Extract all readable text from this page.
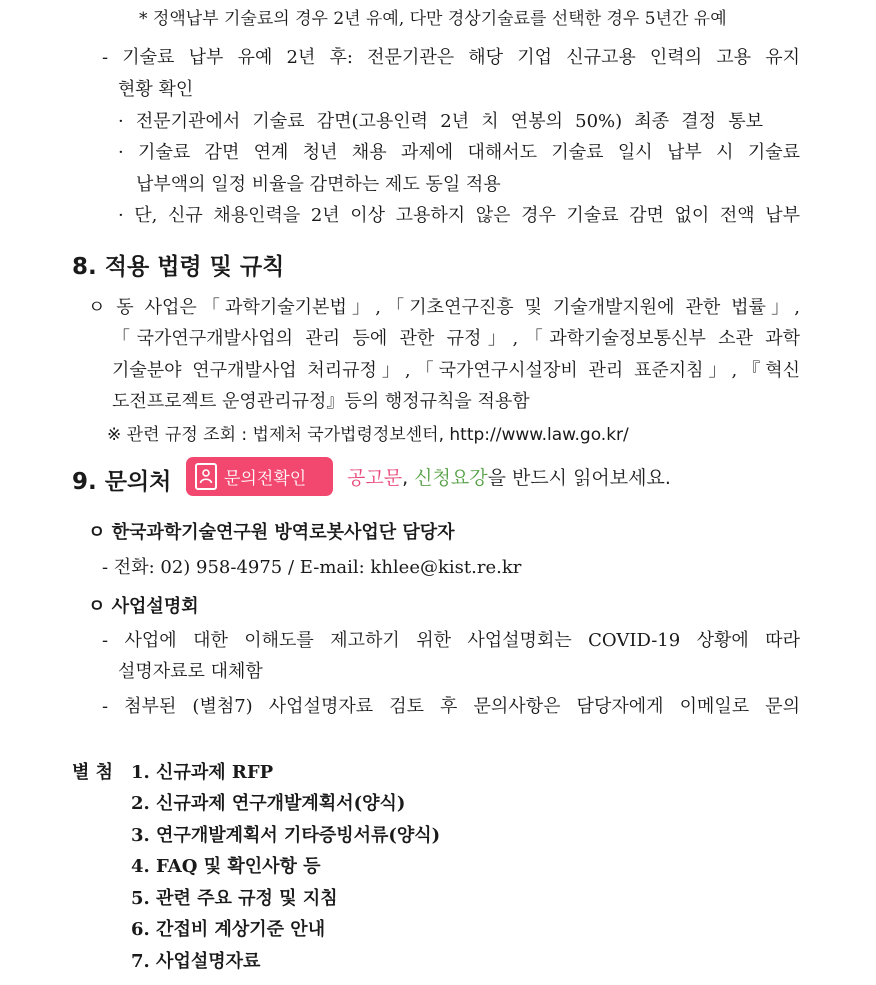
* 정액납부 기술료의 경우 2년 유예, 다만 경상기술료를 선택한 경우 5년간 유예
- 기술료 납부 유예 2년 후: 전문기관은 해당 기업 신규고용 인력의 고용 유지
현황 확인
· 전문기관에서 기술료 감면(고용인력 2년 치 연봉의 50%) 최종 결정 통보
· 기술료 감면 연계 청년 채용 과제에 대해서도 기술료 일시 납부 시 기술료
납부액의 일정 비율을 감면하는 제도 동일 적용
· 단, 신규 채용인력을 2년 이상 고용하지 않은 경우 기술료 감면 없이 전액 납부
8. 적용 법령 및 규칙
ㅇ 동 사업은「과학기술기본법」,「기초연구진흥 및 기술개발지원에 관한 법률」,
「국가연구개발사업의 관리 등에 관한 규정」,「과학기술정보통신부 소관 과학
기술분야 연구개발사업 처리규정」,「국가연구시설장비 관리 표준지침」,『혁신
도전프로젝트 운영관리규정』등의 행정규칙을 적용함
※ 관련 규정 조회 : 법제처 국가법령정보센터, http://www.law.go.kr/
9. 문의처	문의전확인 공고문, 신청요강을 반드시 읽어보세요.
ㅇ 한국과학기술연구원 방역로봇사업단 담당자
- 전화: 02) 958-4975 / E-mail: khlee@kist.re.kr
ㅇ 사업설명회
- 사업에 대한 이해도를 제고하기 위한 사업설명회는 COVID-19 상황에 따라
설명자료로 대체함
- 첨부된 (별첨7) 사업설명자료 검토 후 문의사항은 담당자에게 이메일로 문의
별 첨 1. 신규과제 RFP
2. 신규과제 연구개발계획서(양식)
3. 연구개발계획서 기타증빙서류(양식)
4. FAQ 및 확인사항 등
5. 관련 주요 규정 및 지침
6. 간접비 계상기준 안내
7. 사업설명자료
